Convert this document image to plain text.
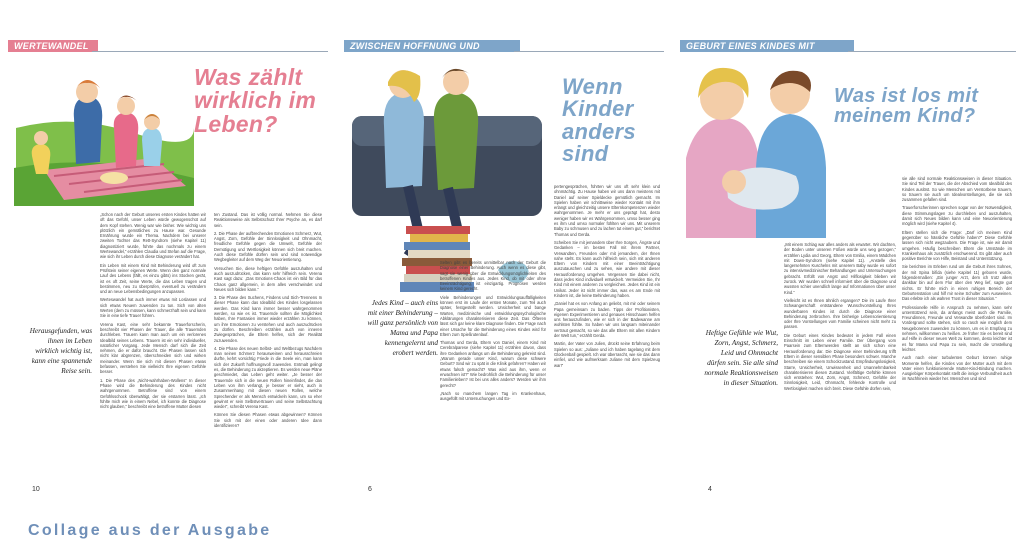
WERTEWANDEL
Was zählt
wirklich im
Leben?
Herausgefunden, was
ihnen im Leben
wirklich wichtig ist,
kann eine spannende
Reise sein.

„Schon nach der Geburt unseres ersten Kindes hatten wir oft das Gefühl, unser Leben würde gewogenschüt auf dem Kopf stehen. Wenig war wie bisher. Wie wichtig uns plötzlich ein gemütliches zu Hause war. Gesunde Ernährung wurde ein Thema. Nachdem bei unserer zweiten Tochter das Rett-Syndrom (siehe Kapitel 11) diagnostiziert wurde, führte das nochmals zu einem Wertewandel,“ erzählen Claudia und Stefan auf die Frage, wie sich ihr Leben durch diese Diagnose verändert hat.

Ein Leben mit einem Kind mit Behinderung wird oft zum Prüfstein seiner eigenen Werte. Wenn den ganz normale Lauf des Lebens (fällt, es einzu gibts) ins Stocken gerät, ist es oft Zeit, seine Werte, die das Leben tragen und bestimmen, neu zu überprüfen, eventuell zu verändern und an neue Lebensbedingungen anzupassen.

Werteswandel hat auch immer etwas mit Loslassen und sich etwas Neuem zuwenden zu tun. Sich von alten Werten (dem zu müssen, kann schmerzhaft sein und kann Sie in eine tiefe Trauer führen.

Verena Kast, eine sehr bekannte Trauerforscherin, beschreibt vier Phasen der Trauer, die alle Trauernden durchleben. Trauern kann man auch um ein verlorenes Idealbild seines Lebens. Trauern ist ein sehr individueller, natürlicher Vorgang. Jede Mensch darf sich die Zeit nehmen, die er dafür braucht. Die Phasen lassen sich nicht klar abgrenzen, überschneiden sich und wirken meinander. Wenn Sie sich mit diesen Phasen etwas befassen, verstehen Sie vielleicht Ihre eigenen Gefühle besser.

1. Die Phase des „Nicht-wahrhaben-Wollens“ In dieser Phase wird die Behinderung des Kindes nicht wahrgenommen. Betroffene sind von einem Gefühlsschock überwältigt, der sie erstarren lässt. „Ich fühlte mich wie in einem Nebel, ich konnte die Diagnose nicht glauben,“ beschreibt eine betroffene Mutter diesen

ten Zustand. Das ist völlig normal. Nehmen Sie diese Reaktionsweise als Selbstschutz Ihrer Psyche an, es darf sein.

2. Die Phase der aufbrechenden Emotionen Schmerz, Wut, Angst, Zorn, Gefühle der Sinnlosigkeit und Ohnmacht, freudliche Gefühle gegen die Umwelt, Gefühle der Demütigung und Wertlosigkeit können sich breit machen. Auch diese Gefühle dürfen sein und sind notwendige Wegbegleiter auf dem Weg der Neuorientierung.

Versuchen Sie, diese heftigen Gefühle auszuhalten und auch auszudrücken, das kann sehr hilfreich sein. Verena Kast sagt dazu: „Das Emotions-Chaos ist ein Bild für das Chaos ganz allgemein, in dem alles verschwindet und Neues sich bilden kann.“

3. Die Phase des Suchens, Findens und Sich-Trennens In dieser Phase kann das Idealbild des Kindes losgelassen werden. Das Kind kann immer besser wahrgenommen werden, so wie es ist. Trauernde sollten die Möglichkeit haben, Ihre Fantasien immer wieder erzählen zu können, um ihre Emotionen zu verstehen und auch auszudrücken zu dürfen. Beschreiben erzählen auch von inneren Zwiegesprächen, die Eltern helfen, sich der Realität zuzuwenden.

4. Die Phase des neuen Selbst- und Weltbezugs Nachdem man seinen Schmerz herausweinen und herausschreien durfte, kehrt vorsichtig Friede in die Seele ein, man kann sich der Zukunft hoffnungsvoll zuwenden. Entmalt gelingt es, die Behinderung zu akzeptieren. Es werden neue Pläne geschmiedet, das Leben geht weiter. „Je besser der Trauernde sich in die neuen Rollen hineinfindet, die das Leben von ihm verlangt, je besser er sieht, auch in Zusammenhang mit diesen neuen Rollen, welche Sprechender er als Mensch entwickeln kann, um so eher gewinnt er sein Selbstvertrauen und seine Selbstachtung wieder“, schreibt Verena Kast.

Können Sie diesen Phasen etwas abgewinnen? Können Sie sich mit der einen oder anderen Idee dann identifizieren?

10
ZWISCHEN HOFFNUNG UND UNGEWISSHEIT
Wenn
Kinder
anders
sind
Jedes Kind – auch eins
mit einer Behinderung –
will ganz persönlich von
Mama und Papa
kennengelernt und
erobert werden.

Selten gibt es bereits unmittelbar nach der Geburt die Diagnose einer Behinderung. Auch wenn es diese gibt, sagt sie wenig über die Entwicklungsmöglichkeiten des betroffenen Kindes aus. Jedes Kind, ob mit oder ohne Beeinträchtigung, ist einzigartig. Prognosen werden keinem Kind gerecht.

Viele Behinderungen und Entwicklungsauffälligkeiten können erst im Laufe der ersten Monate, zum Teil auch später, festgestellt werden. Unsicherheit und bange Warten, medizinische und entwicklungspsychologische Abklärungen charakterisieren diese Zeit. Das Öfteren lässt sich gar keine klare Diagnose finden. Die Frage nach einer Ursache für die Behinderung eines Kindes wird für Eltern zum Spießrutenlauf.

Thomas und Gerda, Eltern von Daniel, einem Kind mit Cerebralparese (siehe Kapitel 11) erzählen davon, dass ihre Gedanken anfangs um die Behinderung gekreist sind. „Warum gerade unser Kind, warum diese schwere Geburt? Sind wir zu spät in die Klinik gefahren? Haben wir etwas falsch gemacht? Was wird aus ihm, wenn er erwachsen ist?“ Wie bedrohlich die Behinderung für unser Familienleben? Ist bei uns alles anders? Werden wir ihm gerecht?

„Nach so manchem langen Tag im Krankenhaus, ausgefüllt mit Untersuchungen und Ex-

pertengesprächen, führten wir uns oft sehr klein und ohnmächtig. Zu Hause haben wir uns dann meistens mit Daniel auf seiner Spieldecke gemütlich gemacht. Im Spielen haben wir schrittweise wieder Kontakt mit ihm erlangt und gleichzeitig unsere Elternkompetenzen wieder wahrgenommen. Je mehr er uns geprägt hat, desto weniger haben wir es Wahrgenommen, umso besser ging es ihm und umso normaler fühlten wir uns. Mit unserem Baby zu schmusen und zu lachen tut einem gut,“ berichtet Thomas und Gerda.

Scheiben Sie mit jemandem über Ihre Sorgen, Ängste und Gedanken – im besten Fall mit ihrem Partner, Verwandten, Freunden oder mit jemandem, der Ihnen nahe steht. Es kann auch hilfreich sein, sich mit anderen Eltern von Kindern mit einer Beeinträchtigung auszutauschen und zu sehen, wie andere mit dieser Herausforderung umgehen. Vergessen Sie dabei nicht, dass jedes Kind individuell entwickelt. Vermeiden Sie, Ihr Kind mit einem anderen zu vergleichen. Jedes Kind ist ein Unikat. Jeder ist nicht immer das, was es am Ende mit Kindern ist, die keine Behinderung haben.

„Daniel hat es von Anfang an geliebt, mit mir oder seinem Papa gemeinsam zu baden. Tipps der Profitionisten, eigenen Experimentieren und genaues Hinschauen helfen uns herauszufinden, wie er sich in der Badewanne am wohlsten fühlte. So haben wir uns langsam miteinander vertraut gemacht, so wie das alle Eltern mit allen Kindern der Welt tun,“ erzählt Gerda.

Martin, der Vater von Julien, drückt seine Erfahrung beim Spielen so aus: „Juliane und ich haben tagelang mit dem Glockenball gespielt. Ich war überrascht, wie sie das dann einfiel, und wie aufmerksam Juliane mit dem Spielzeug war!“

6
GEBURT EINES KINDES MIT
Was ist los mit
meinem Kind?
Heftige Gefühle wie Wut,
Zorn, Angst, Schmerz,
Leid und Ohnmacht
dürfen sein. Sie alle sind
normale Reaktionsweisen
in dieser Situation.

„Mit einem Schlag war alles anders als erwartet. Wir dachten, der Boden unter unseren Füßen würde uns weg gezogen,“ erzählen Lydia und Georg, Eltern von Emilia, einem Mädchen mit Down-Syndrom (siehe Kapitel 11). „Anstelle des langersehnten Kuschelns mit unserem Baby wurde es sofort zu intensivmedizinischer Behandlungen und Untersuchungen gebracht. Erfüllt von Angst und Hilflosigkeit blieben wir zurück. Wir wurden schnell informiert über die Diagnose und wussten schier unendlich lange auf Informationen über unser Kind.“

Vielleicht ist es Ihnen ähnlich ergangen? Die im Laufe Ihrer Schwangerschaft entstandene Wunschvorstellung Ihres wunderbaren Kindes ist durch die Diagnose einer Behinderung zerbrochen. Ihre bisherige Lebensorientierung oder Ihre Vorstellungen vom Familie scheinen nicht mehr zu passen.

Die Geburt eines Kindes bedeutet in jedem Fall einen Einschnitt im Leben einer Familie. Der Übergang vom Paarsein zum Elternwerden stellt an sich schon eine Herausforderung dar. Die Diagnose einer Behinderung trifft Eltern in dieser sensiblen Phase besonders schwer. Manche beschreiben sie einem Schockzustand. Empfindungslosigkeit, Starre, Unsicherheit, Unwissenheit und Unannehmbarkeit charakterisieren diesen Zustand. Vielfältige Gefühle können sich entstehen: Wut, Zorn, Angst, Schmerz, Gefühle der Sinnlosigkeit, Leid, Ohnmacht, fehlende Kontrolle und Wertlosigkeit machen sich breit. Diese Gefühle dürfen sein,

sie alle sind normale Reaktionsweisen in dieser Situation. Sie sind Teil der Trauer, die der Abschied vom Idealbild des Kindes auslöst. So wie Menschen um Verstorbene trauern, so trauern sie auch um Idealvorstellungen, die sie sich zusammen gefallen sind.

Trauerforscherinnen sprechen sogar von der Notwendigkeit, diese Stimmungslagen zu durchleben und auszuhalten, damit sich Neues bilden kann und eine Neuorientierung möglich wird (siehe Kapitel 4).

Eltern stellen sich die Frage: „Darf ich meinem Kind gegenüber so hässliche Gefühle haben?“ Diese Gefühle lassen sich nicht wegzaubern. Die Frage ist, wie wir damit umgehen. Häufig beschreiben Eltern die Umstände im Krankenhaus als zusätzlich erschwerend. Es gibt aber auch positive Berichte von Hilfe, Beistand und Unterstützung.

Sie berichten im Erleben rund um die Geburt ihres Sohnes, der mit Spina bifida (siehe Kapitel 11) geboren wurde, folgendermaßen: „Ein junger Arzt, dem ich trotz allem dankbar bin auf dem Flur über den Weg lief, sagte gut nichts. Er führte mich in einen ruhigen Bereich der Geburtenstation und hilf mir seine Schulter zum Ausweinen. Das erlebte ich als wahren Trost in dieser Situation.“

Professionelle Hilfe in Anspruch zu nehmen, kann sehr unterstützend sein, da anfangs meist auch die Familie, Freundinnen, Freunde und Verwandte überfordert sind. Im Vordergrund sollte stehen, sich so rasch wie möglich dem Neugeborenen zuwenden zu können, um es in Empfang zu nehmen, willkommen zu heißen. Je früher Sie es bereit sind auf Hilfe in dieser neuen Welt zu kommen, desto leichter ist es für Mama und Papa zu sein, macht die Umstellung leichter.

Auch nach einer turbulenten Geburt können ruhige Momente helfen, die Kindes von der Mutter auch mit dem Vater einen funktionierende Mutter-Kind-Bindung machen. Ausgiebiger Körperkontakt stellt die innige Verbundheit auch im Nachhinein wieder her. Menschen und sind

4
Collage aus der Ausgabe
